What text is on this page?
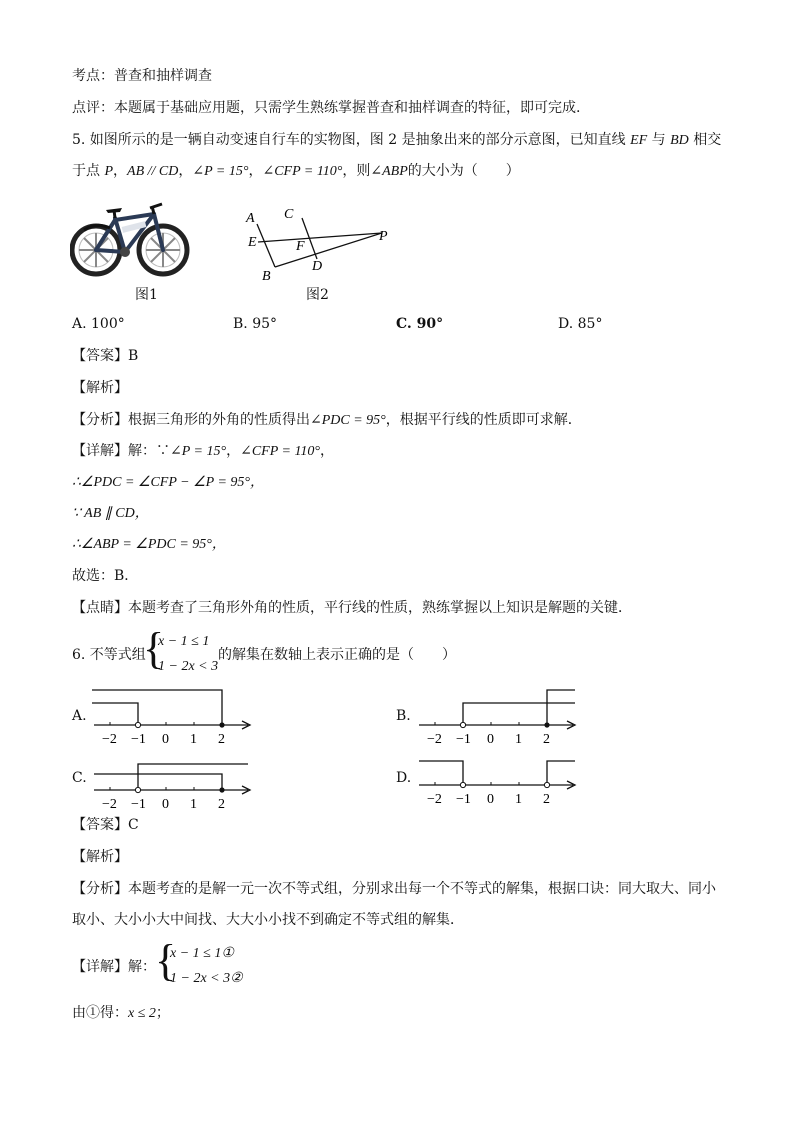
考点：普查和抽样调查
点评：本题属于基础应用题，只需学生熟练掌握普查和抽样调查的特征，即可完成.
5. 如图所示的是一辆自动变速自行车的实物图，图 2 是抽象出来的部分示意图，已知直线 EF 与 BD 相交
于点 P，AB // CD，∠P = 15°，∠CFP = 110°，则∠ABP的大小为（　　）
图1
A C
E	F
P
D
B
图2
A. 100°	B. 95°	C. 90°	D. 85°
【答案】B
【解析】
【分析】根据三角形的外角的性质得出∠PDC = 95°，根据平行线的性质即可求解．
【详解】解：∵∠P = 15°，∠CFP = 110°，
∴∠PDC = ∠CFP − ∠P = 95°，
∵ AB ∥ CD，
∴∠ABP = ∠PDC = 95°，
故选：B．
【点睛】本题考查了三角形外角的性质，平行线的性质，熟练掌握以上知识是解题的关键．
6. 不等式组
{
x − 1 ≤ 1
1 − 2x < 3
的解集在数轴上表示正确的是（　　）
A.
−2 −1 0 1 2
B.
−2 −1 0 1 2
C.
−2 −1 0 1 2
D.
−2 −1 0 1 2
【答案】C
【解析】
【分析】本题考查的是解一元一次不等式组，分别求出每一个不等式的解集，根据口诀：同大取大、同小
取小、大小小大中间找、大大小小找不到确定不等式组的解集．
【详解】解： {
x − 1 ≤ 1①
1 − 2x < 3②
由①得：x ≤ 2；
